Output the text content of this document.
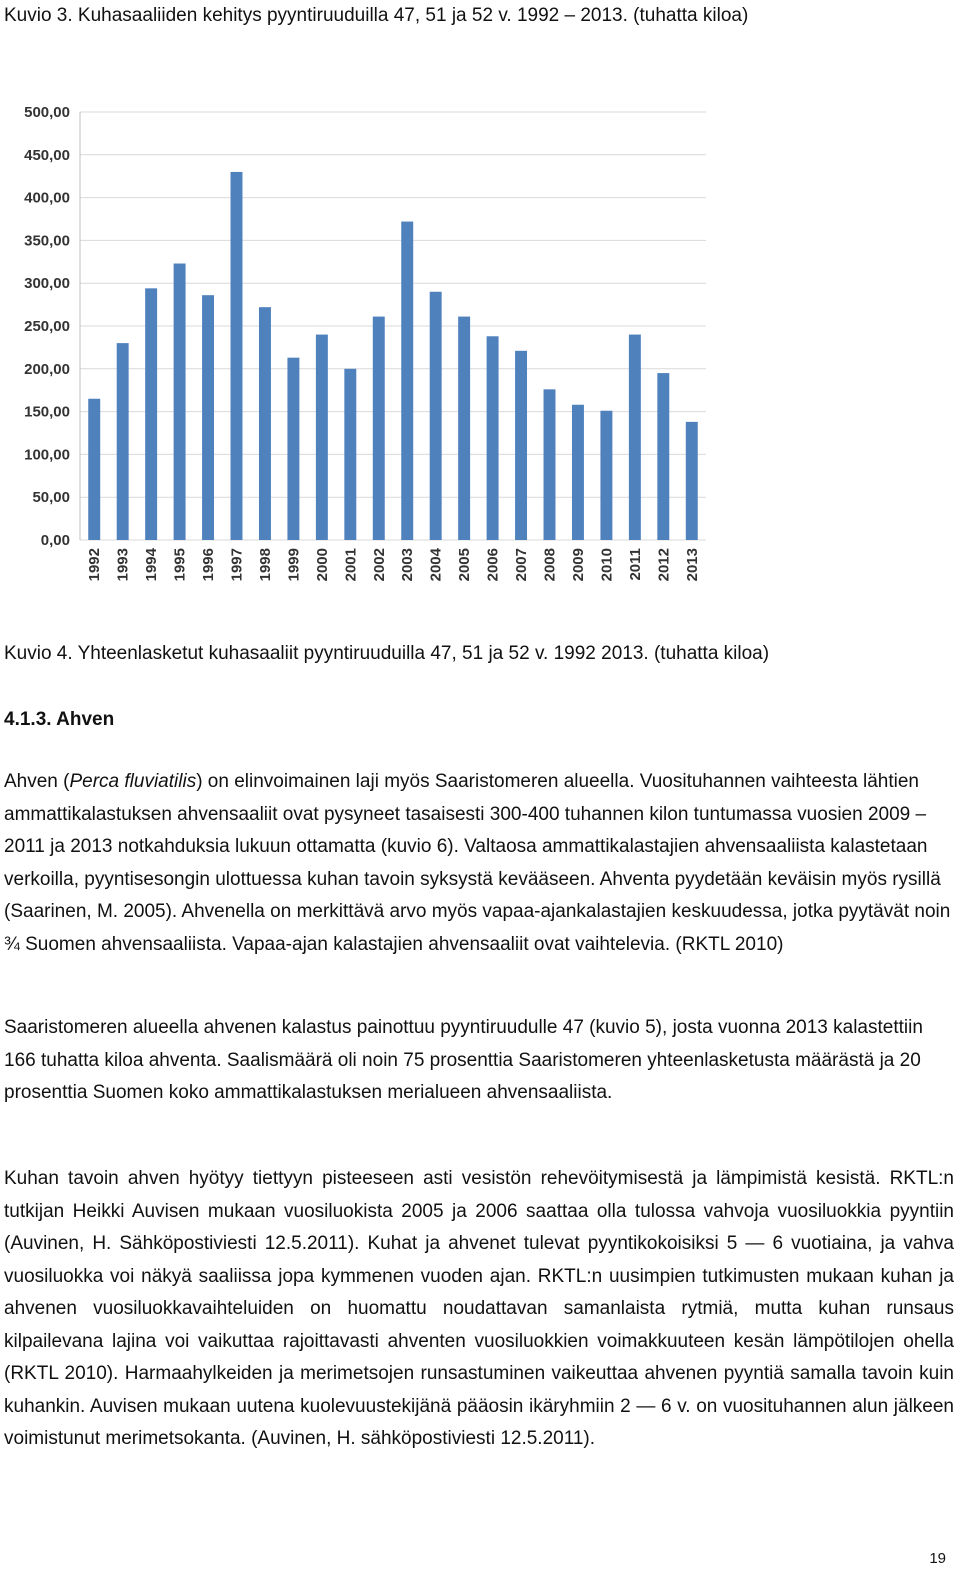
Kuvio 3. Kuhasaaliiden kehitys pyyntiruuduilla 47, 51 ja 52 v. 1992 – 2013. (tuhatta kiloa)
0,00
50,00
100,00
150,00
200,00
250,00
300,00
350,00
400,00
450,00
500,00
1992 1993 1994 1995 1996 1997 1998 1999 2000 2001 2002 2003 2004 2005 2006 2007 2008 2009 2010 2011 2012 2013
Kuvio 4. Yhteenlasketut kuhasaaliit pyyntiruuduilla 47, 51 ja 52 v. 1992 2013. (tuhatta kiloa)
4.1.3. Ahven

Ahven (Perca fluviatilis) on elinvoimainen laji myös Saaristomeren alueella. Vuosituhannen vaihteesta lähtien ammattikalastuksen ahvensaaliit ovat pysyneet tasaisesti 300-400 tuhannen kilon tuntumassa vuosien 2009 – 2011 ja 2013 notkahduksia lukuun ottamatta (kuvio 6). Valtaosa ammattikalastajien ahvensaaliista kalastetaan verkoilla, pyyntisesongin ulottuessa kuhan tavoin syksystä kevääseen. Ahventa pyydetään keväisin myös rysillä (Saarinen, M. 2005). Ahvenella on merkittävä arvo myös vapaa-ajankalastajien keskuudessa, jotka pyytävät noin ¾ Suomen ahvensaaliista. Vapaa-ajan kalastajien ahvensaaliit ovat vaihtelevia. (RKTL 2010)

Saaristomeren alueella ahvenen kalastus painottuu pyyntiruudulle 47 (kuvio 5), josta vuonna 2013 kalastettiin 166 tuhatta kiloa ahventa. Saalismäärä oli noin 75 prosenttia Saaristomeren yhteenlasketusta määrästä ja 20 prosenttia Suomen koko ammattikalastuksen merialueen ahvensaaliista.

Kuhan tavoin ahven hyötyy tiettyyn pisteeseen asti vesistön rehevöitymisestä ja lämpimistä kesistä. RKTL:n tutkijan Heikki Auvisen mukaan vuosiluokista 2005 ja 2006 saattaa olla tulossa vahvoja vuosiluokkia pyyntiin (Auvinen, H. Sähköpostiviesti 12.5.2011). Kuhat ja ahvenet tulevat pyyntikokoisiksi 5 — 6 vuotiaina, ja vahva vuosiluokka voi näkyä saaliissa jopa kymmenen vuoden ajan. RKTL:n uusimpien tutkimusten mukaan kuhan ja ahvenen vuosiluokkavaihteluiden on huomattu noudattavan samanlaista rytmiä, mutta kuhan runsaus kilpailevana lajina voi vaikuttaa rajoittavasti ahventen vuosiluokkien voimakkuuteen kesän lämpötilojen ohella (RKTL 2010). Harmaahylkeiden ja merimetsojen runsastuminen vaikeuttaa ahvenen pyyntiä samalla tavoin kuin kuhankin. Auvisen mukaan uutena kuolevuustekijänä pääosin ikäryhmiin 2 — 6 v. on vuosituhannen alun jälkeen voimistunut merimetsokanta. (Auvinen, H. sähköpostiviesti 12.5.2011).

19
